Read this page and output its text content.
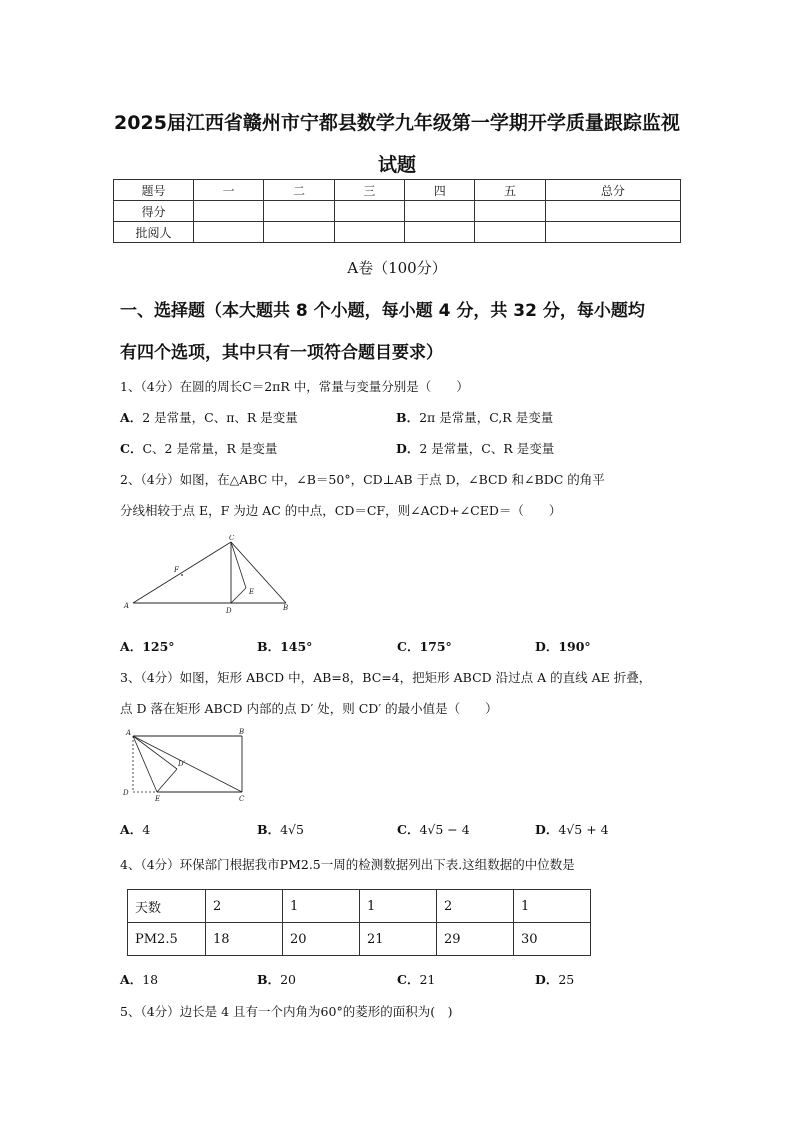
2025届江西省赣州市宁都县数学九年级第一学期开学质量跟踪监视
试题
题号	一	二	三	四	五	总分
得分						
批阅人						
A卷（100分）
一、选择题（本大题共 8 个小题，每小题 4 分，共 32 分，每小题均
有四个选项，其中只有一项符合题目要求）
1、（4分）在圆的周长C＝2πR 中，常量与变量分别是（　　）
A．2 是常量，C、π、R 是变量	B．2π 是常量，C,R 是变量
C．C、2 是常量，R 是变量	D．2 是常量，C、R 是变量
2、（4分）如图，在△ABC 中，∠B＝50°，CD⊥AB 于点 D，∠BCD 和∠BDC 的角平
分线相较于点 E，F 为边 AC 的中点，CD＝CF，则∠ACD+∠CED＝（　　）
C
F
E
A
D	B
A．125°	B．145°	C．175°	D．190°
3、（4分）如图，矩形 ABCD 中，AB=8，BC=4，把矩形 ABCD 沿过点 A 的直线 AE 折叠，
点 D 落在矩形 ABCD 内部的点 D′ 处，则 CD′ 的最小值是（　　）
A	B
D′
D
E	C
A．4	B．4√5	C．4√5 − 4	D．4√5 + 4
4、（4分）环保部门根据我市PM2.5一周的检测数据列出下表.这组数据的中位数是
天数	2	1	1	2	1
PM2.5	18	20	21	29	30
A．18	B．20	C．21	D．25
5、（4分）边长是 4 且有一个内角为60°的菱形的面积为(　)
